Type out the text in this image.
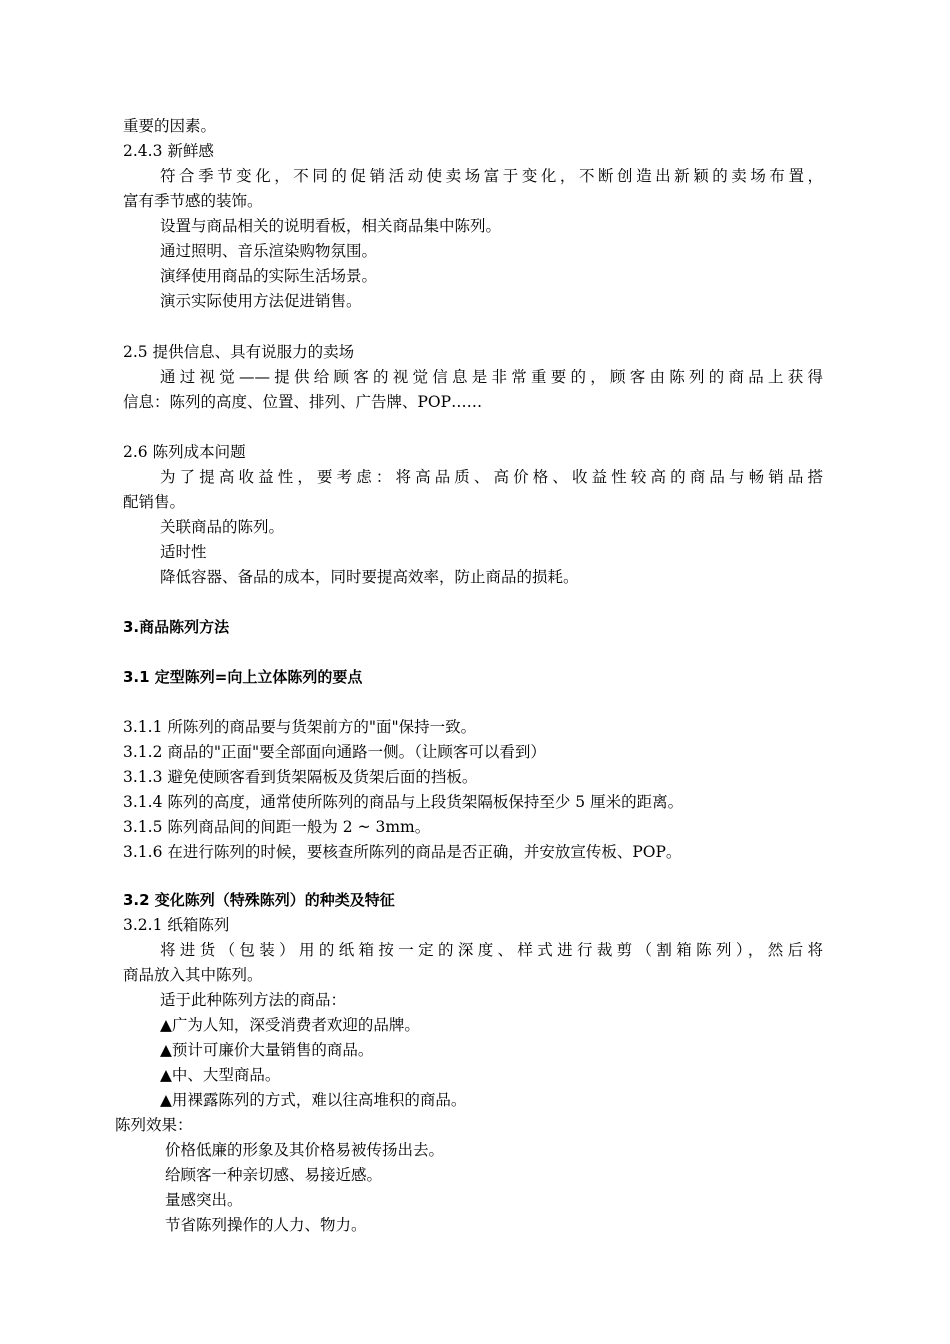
重要的因素。
2.4.3 新鲜感
符合季节变化，不同的促销活动使卖场富于变化，不断创造出新颖的卖场布置，
富有季节感的装饰。
设置与商品相关的说明看板，相关商品集中陈列。
通过照明、音乐渲染购物氛围。
演绎使用商品的实际生活场景。
演示实际使用方法促进销售。
2.5 提供信息、具有说服力的卖场
通过视觉——提供给顾客的视觉信息是非常重要的，顾客由陈列的商品上获得
信息：陈列的高度、位置、排列、广告牌、POP……
2.6 陈列成本问题
为了提高收益性，要考虑：将高品质、高价格、收益性较高的商品与畅销品搭
配销售。
关联商品的陈列。
适时性
降低容器、备品的成本，同时要提高效率，防止商品的损耗。
3.商品陈列方法
3.1 定型陈列=向上立体陈列的要点
3.1.1 所陈列的商品要与货架前方的"面"保持一致。
3.1.2 商品的"正面"要全部面向通路一侧。（让顾客可以看到）
3.1.3 避免使顾客看到货架隔板及货架后面的挡板。
3.1.4 陈列的高度，通常使所陈列的商品与上段货架隔板保持至少 5 厘米的距离。
3.1.5 陈列商品间的间距一般为 2 ~ 3mm。
3.1.6 在进行陈列的时候，要核查所陈列的商品是否正确，并安放宣传板、POP。
3.2 变化陈列（特殊陈列）的种类及特征
3.2.1 纸箱陈列
将进货（包装）用的纸箱按一定的深度、样式进行裁剪（割箱陈列），然后将
商品放入其中陈列。
适于此种陈列方法的商品：
▲广为人知，深受消费者欢迎的品牌。
▲预计可廉价大量销售的商品。
▲中、大型商品。
▲用裸露陈列的方式，难以往高堆积的商品。
陈列效果：
价格低廉的形象及其价格易被传扬出去。
给顾客一种亲切感、易接近感。
量感突出。
节省陈列操作的人力、物力。
